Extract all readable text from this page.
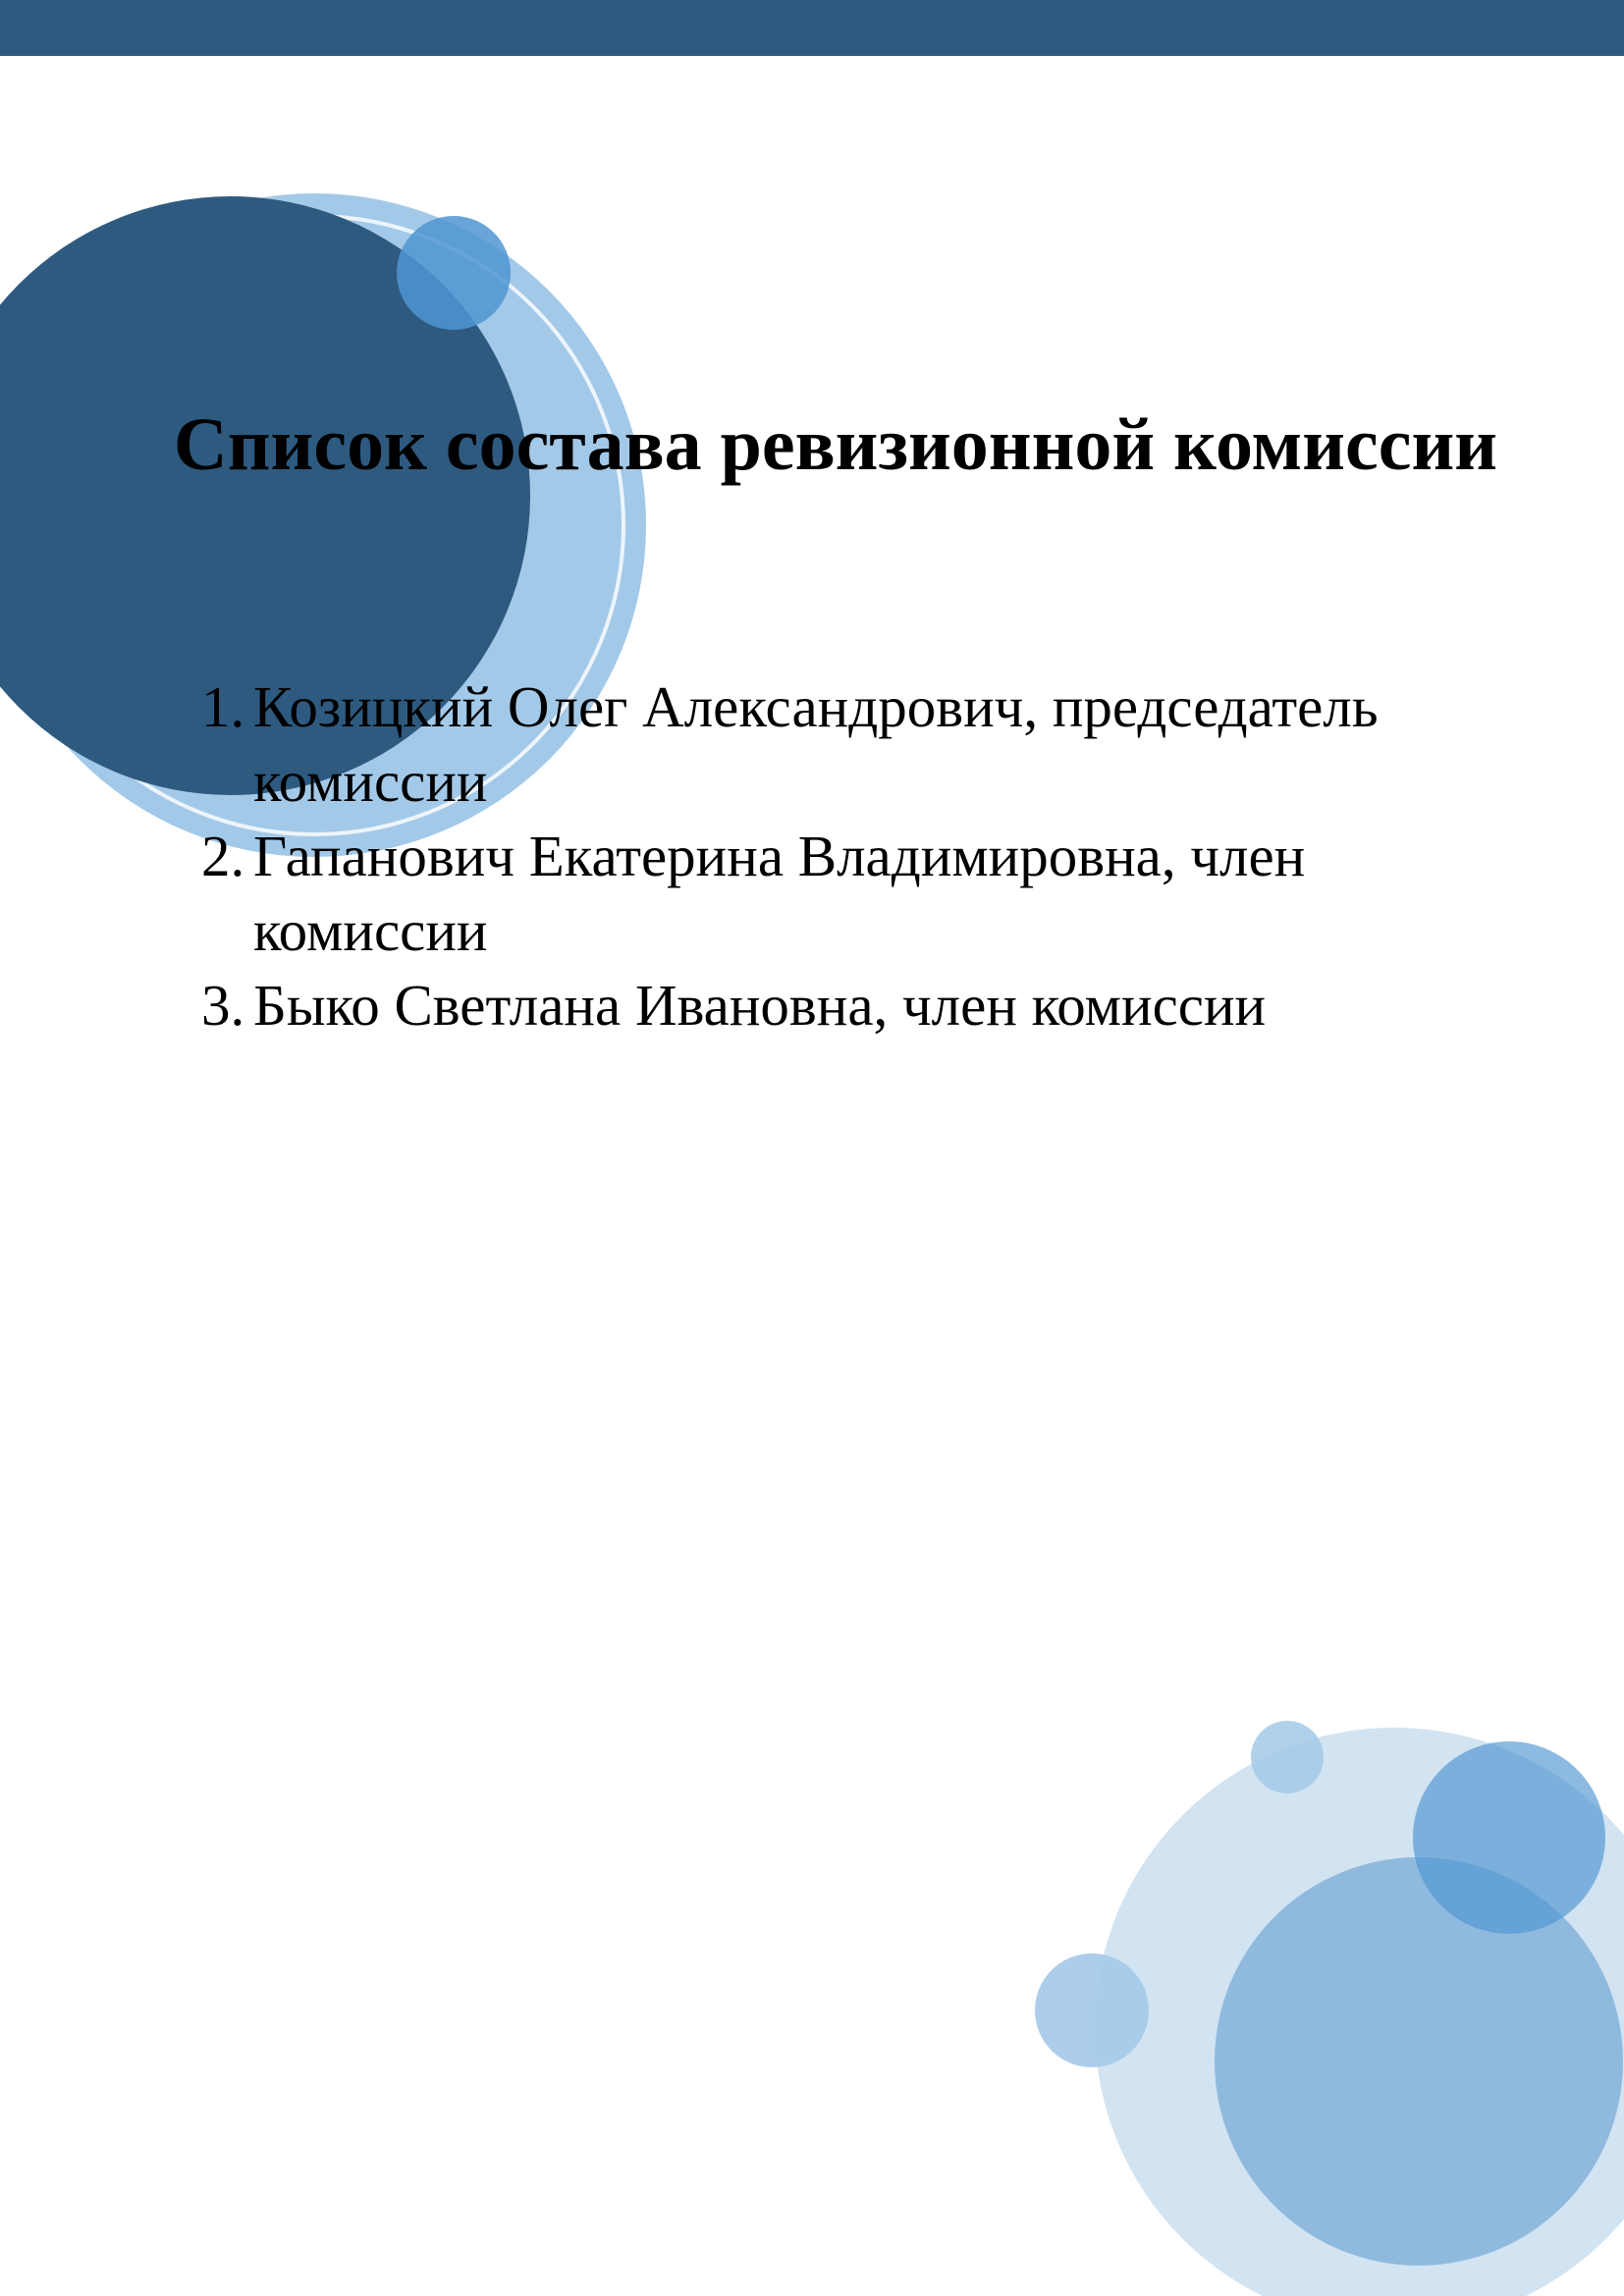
Список состава ревизионной комиссии
1. Козицкий Олег Александрович, председатель комиссии
2. Гапанович Екатерина Владимировна, член комиссии
3. Быко Светлана Ивановна, член комиссии
